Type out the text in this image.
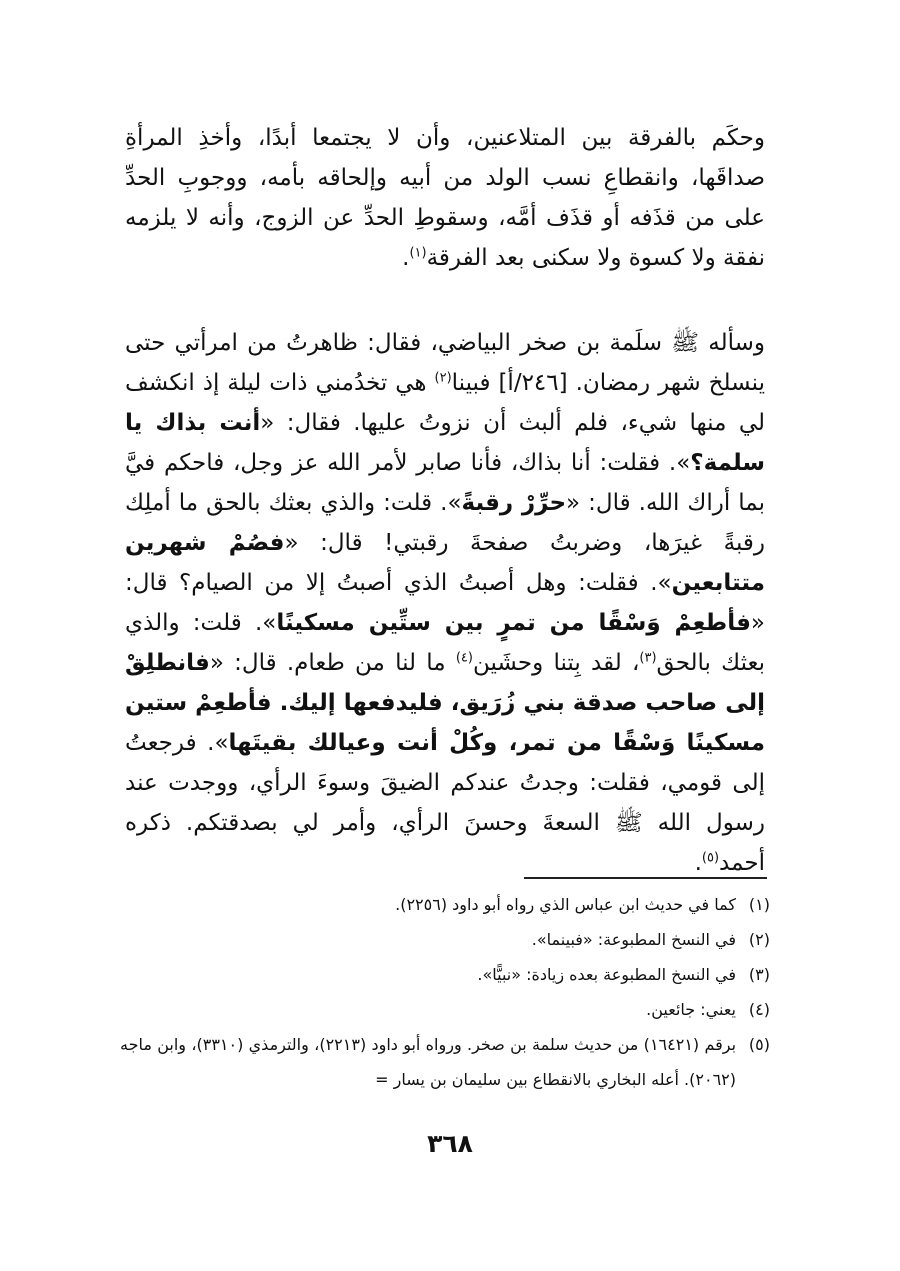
وحكَم بالفرقة بين المتلاعنين، وأن لا يجتمعا أبدًا، وأخذِ المرأةِ صداقَها، وانقطاعِ نسب الولد من أبيه وإلحاقه بأمه، ووجوبِ الحدِّ على من قذَفه أو قذَف أمَّه، وسقوطِ الحدِّ عن الزوج، وأنه لا يلزمه نفقة ولا كسوة ولا سكنى بعد الفرقة$^{(١)}$.

وسأله ﷺ سلَمة بن صخر البياضي، فقال: ظاهرتُ من امرأتي حتى ينسلخ شهر رمضان. [٢٤٦/أ] فبينا$^{(٢)}$ هي تخدُمني ذات ليلة إذ انكشف لي منها شيء، فلم ألبث أن نزوتُ عليها. فقال: «أنت بذاك يا سلمة؟». فقلت: أنا بذاك، فأنا صابر لأمر الله عز وجل، فاحكم فيَّ بما أراك الله. قال: «حرِّرْ رقبةً». قلت: والذي بعثك بالحق ما أملِك رقبةً غيرَها، وضربتُ صفحةَ رقبتي! قال: «فصُمْ شهرين متتابعين». فقلت: وهل أصبتُ الذي أصبتُ إلا من الصيام؟ قال: «فأطعِمْ وَسْقًا من تمرٍ بين ستِّين مسكينًا». قلت: والذي بعثك بالحق$^{(٣)}$، لقد بِتنا وحشَين$^{(٤)}$ ما لنا من طعام. قال: «فانطلِقْ إلى صاحب صدقة بني زُرَيق، فليدفعها إليك. فأطعِمْ ستين مسكينًا وَسْقًا من تمر، وكُلْ أنت وعيالك بقيتَها». فرجعتُ إلى قومي، فقلت: وجدتُ عندكم الضيقَ وسوءَ الرأي، ووجدت عند رسول الله ﷺ السعةَ وحسنَ الرأي، وأمر لي بصدقتكم. ذكره أحمد$^{(٥)}$.

(١)
كما في حديث ابن عباس الذي رواه أبو داود (٢٢٥٦).
(٢)
في النسخ المطبوعة: «فبينما».
(٣)
في النسخ المطبوعة بعده زيادة: «نبيًّا».
(٤)
يعني: جائعين.
(٥)
برقم (١٦٤٢١) من حديث سلمة بن صخر. ورواه أبو داود (٢٢١٣)، والترمذي (٣٣١٠)، وابن ماجه (٢٠٦٢). أعله البخاري بالانقطاع بين سليمان بن يسار =
٣٦٨
